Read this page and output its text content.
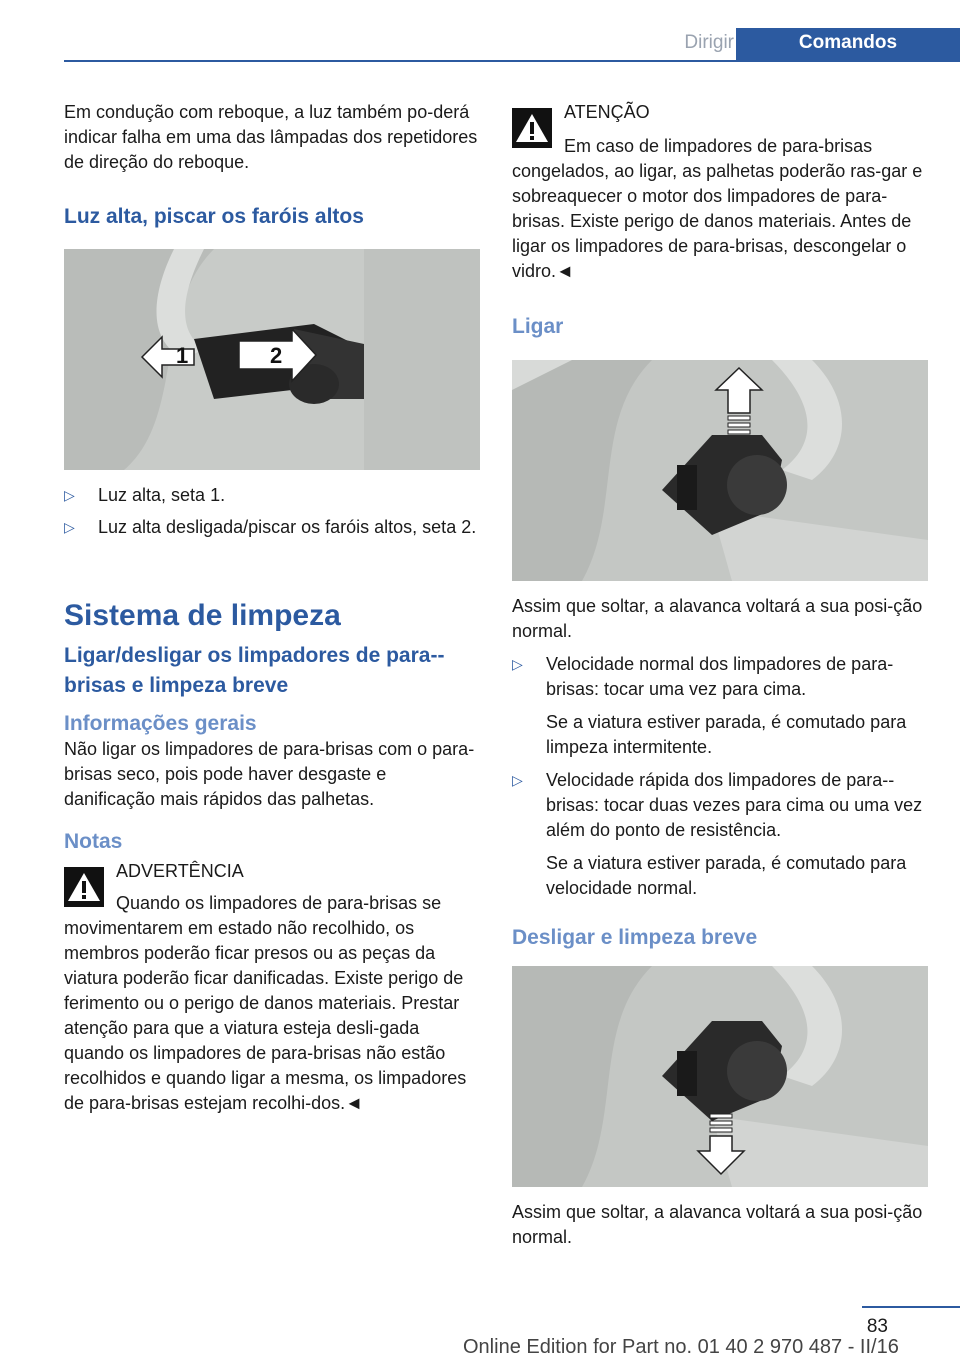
Dirigir	Comandos

Em condução com reboque, a luz também po-derá indicar falha em uma das lâmpadas dos repetidores de direção do reboque.

Luz alta, piscar os faróis altos
1	2
▷	Luz alta, seta 1.
▷	Luz alta desligada/piscar os faróis altos, seta 2.
Sistema de limpeza
Ligar/desligar os limpadores de para--brisas e limpeza breve
Informações gerais

Não ligar os limpadores de para-brisas com o para-brisas seco, pois pode haver desgaste e danificação mais rápidos das palhetas.

Notas
ADVERTÊNCIA
Quando os limpadores de para-brisas se

movimentarem em estado não recolhido, os membros poderão ficar presos ou as peças da viatura poderão ficar danificadas. Existe perigo de ferimento ou o perigo de danos materiais. Prestar atenção para que a viatura esteja desli-gada quando os limpadores de para-brisas não estão recolhidos e quando ligar a mesma, os limpadores de para-brisas estejam recolhi-dos.◄

ATENÇÃO
Em caso de limpadores de para-brisas

congelados, ao ligar, as palhetas poderão ras-gar e sobreaquecer o motor dos limpadores de para-brisas. Existe perigo de danos materiais. Antes de ligar os limpadores de para-brisas, descongelar o vidro.◄

Ligar

Assim que soltar, a alavanca voltará a sua posi-ção normal.

▷	Velocidade normal dos limpadores de para-brisas: tocar uma vez para cima.
Se a viatura estiver parada, é comutado para limpeza intermitente.
▷	Velocidade rápida dos limpadores de para--brisas: tocar duas vezes para cima ou uma vez além do ponto de resistência.
Se a viatura estiver parada, é comutado para velocidade normal.
Desligar e limpeza breve

Assim que soltar, a alavanca voltará a sua posi-ção normal.

83
Online Edition for Part no. 01 40 2 970 487 - II/16
